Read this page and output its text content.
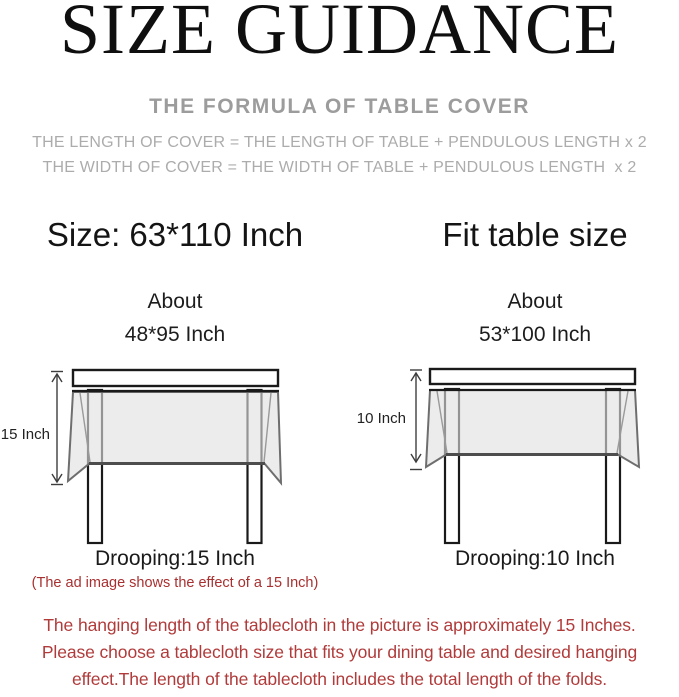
SIZE GUIDANCE
THE FORMULA OF TABLE COVER
THE LENGTH OF COVER = THE LENGTH OF TABLE + PENDULOUS LENGTH x 2
THE WIDTH OF COVER = THE WIDTH OF TABLE + PENDULOUS LENGTH  x 2
Size: 63*110 Inch	Fit table size
About	About
48*95 Inch	53*100 Inch
15 Inch
10 Inch
Drooping:15 Inch	Drooping:10 Inch
(The ad image shows the effect of a 15 Inch)
The hanging length of the tablecloth in the picture is approximately 15 Inches.
Please choose a tablecloth size that fits your dining table and desired hanging
effect.The length of the tablecloth includes the total length of the folds.
